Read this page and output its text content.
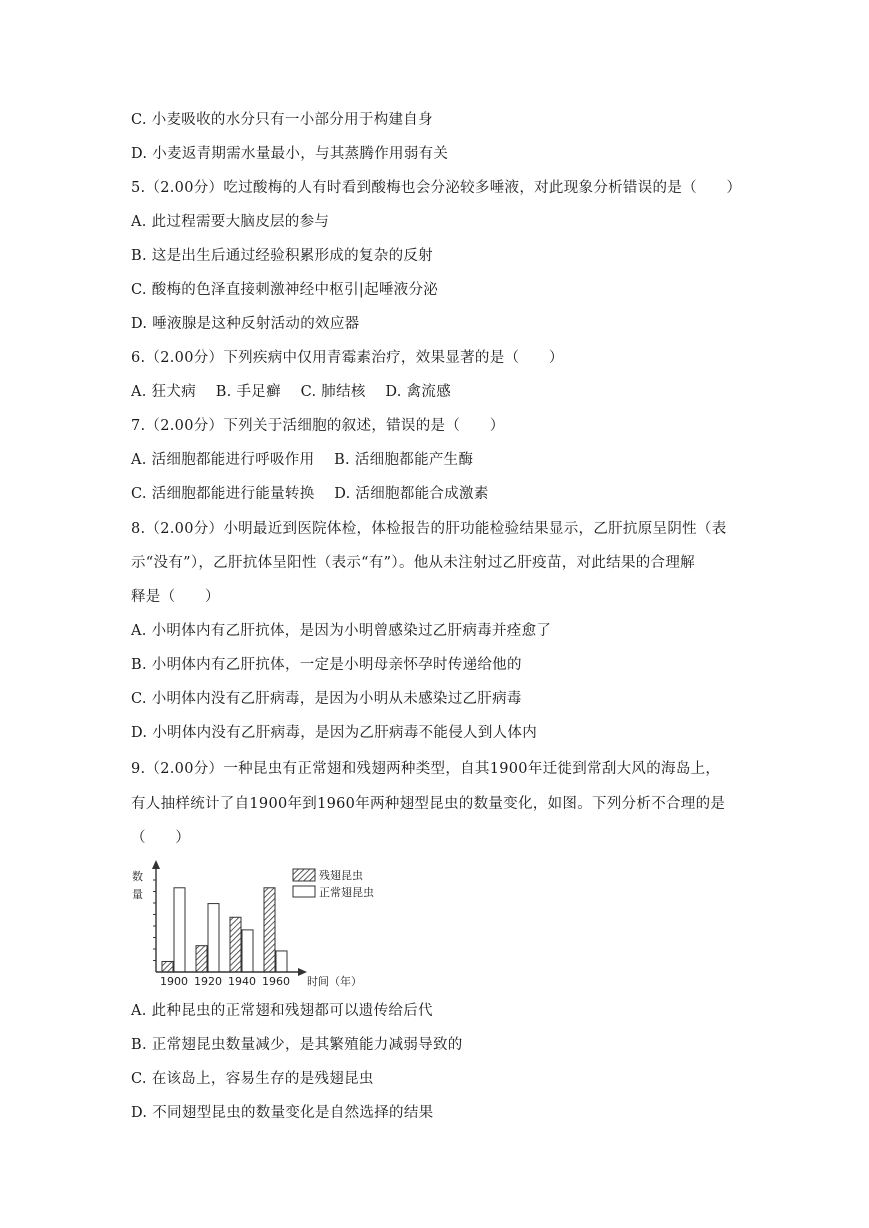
C. 小麦吸收的水分只有一小部分用于构建自身
D. 小麦返青期需水量最小，与其蒸腾作用弱有关
5.（2.00分）吃过酸梅的人有时看到酸梅也会分泌较多唾液，对此现象分析错误的是（　　）
A. 此过程需要大脑皮层的参与
B. 这是出生后通过经验积累形成的复杂的反射
C. 酸梅的色泽直接刺激神经中枢引|起唾液分泌
D. 唾液腺是这种反射活动的效应器
6.（2.00分）下列疾病中仅用青霉素治疗，效果显著的是（　　）
A. 狂犬病　 B. 手足癣　 C. 肺结核　 D. 禽流感
7.（2.00分）下列关于活细胞的叙述，错误的是（　　）
A. 活细胞都能进行呼吸作用　 B. 活细胞都能产生酶
C. 活细胞都能进行能量转换　 D. 活细胞都能合成激素
8.（2.00分）小明最近到医院体检，体检报告的肝功能检验结果显示，乙肝抗原呈阴性（表
示“没有”），乙肝抗体呈阳性（表示“有”）。他从未注射过乙肝疫苗，对此结果的合理解
释是（　　）
A. 小明体内有乙肝抗体，是因为小明曾感染过乙肝病毒并痊愈了
B. 小明体内有乙肝抗体，一定是小明母亲怀孕时传递给他的
C. 小明体内没有乙肝病毒，是因为小明从未感染过乙肝病毒
D. 小明体内没有乙肝病毒，是因为乙肝病毒不能侵人到人体内
9.（2.00分）一种昆虫有正常翅和残翅两种类型，自其1900年迁徙到常刮大风的海岛上，
有人抽样统计了自1900年到1960年两种翅型昆虫的数量变化，如图。下列分析不合理的是
（　　）
数
量
时间（年）
1900 1920 1940 1960
残翅昆虫
正常翅昆虫
A. 此种昆虫的正常翅和残翅都可以遗传给后代
B. 正常翅昆虫数量减少，是其繁殖能力减弱导致的
C. 在该岛上，容易生存的是残翅昆虫
D. 不同翅型昆虫的数量变化是自然选择的结果
